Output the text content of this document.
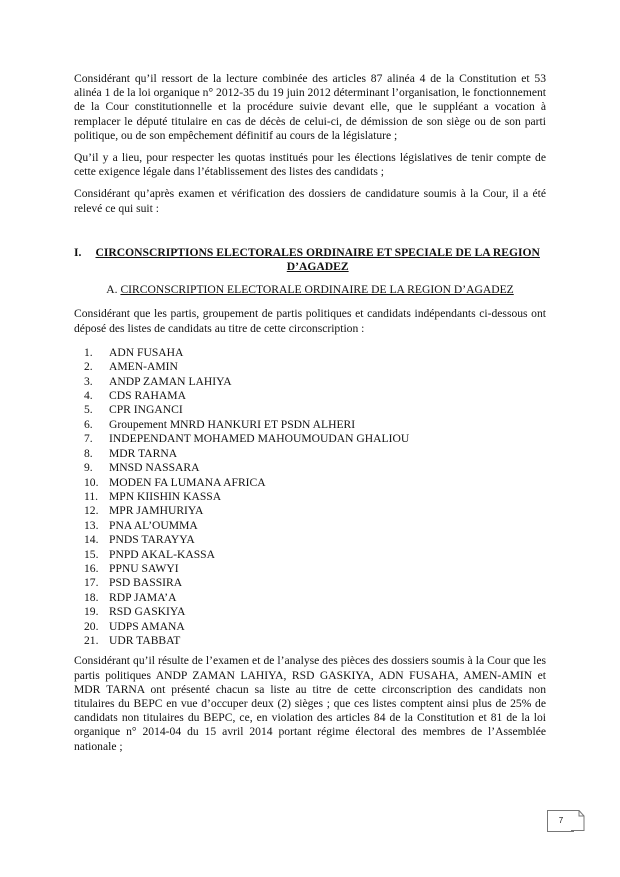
Considérant qu’il ressort de la lecture combinée des articles 87 alinéa 4 de la Constitution et 53 alinéa 1 de la loi organique n° 2012-35 du 19 juin 2012 déterminant l’organisation, le fonctionnement de la Cour constitutionnelle et la procédure suivie devant elle, que le suppléant a vocation à remplacer le député titulaire en cas de décès de celui-ci, de démission de son siège ou de son parti politique, ou de son empêchement définitif au cours de la législature ;

Qu’il y a lieu, pour respecter les quotas institués pour les élections législatives de tenir compte de cette exigence légale dans l’établissement des listes des candidats ;

Considérant qu’après examen et vérification des dossiers de candidature soumis à la Cour, il a été relevé ce qui suit :

I.	CIRCONSCRIPTIONS ELECTORALES ORDINAIRE ET SPECIALE DE LA REGION D’AGADEZ
A. CIRCONSCRIPTION ELECTORALE ORDINAIRE DE LA REGION D’AGADEZ

Considérant que les partis, groupement de partis politiques et candidats indépendants ci-dessous ont déposé des listes de candidats au titre de cette circonscription :

1.	ADN FUSAHA
2.	AMEN-AMIN
3.	ANDP ZAMAN LAHIYA
4.	CDS RAHAMA
5.	CPR INGANCI
6.	Groupement MNRD HANKURI ET PSDN ALHERI
7.	INDEPENDANT MOHAMED MAHOUMOUDAN GHALIOU
8.	MDR TARNA
9.	MNSD NASSARA
10. MODEN FA LUMANA AFRICA
11. MPN KIISHIN KASSA
12. MPR JAMHURIYA
13. PNA AL’OUMMA
14. PNDS TARAYYA
15. PNPD AKAL-KASSA
16. PPNU SAWYI
17. PSD BASSIRA
18. RDP JAMA’A
19. RSD GASKIYA
20. UDPS AMANA
21. UDR TABBAT

Considérant qu’il résulte de l’examen et de l’analyse des pièces des dossiers soumis à la Cour que les partis politiques ANDP ZAMAN LAHIYA, RSD GASKIYA, ADN FUSAHA, AMEN-AMIN et MDR TARNA ont présenté chacun sa liste au titre de cette circonscription des candidats non titulaires du BEPC en vue d’occuper deux (2) sièges ; que ces listes comptent ainsi plus de 25% de candidats non titulaires du BEPC, ce, en violation des articles 84 de la Constitution et 81 de la loi organique n° 2014-04 du 15 avril 2014 portant régime électoral des membres de l’Assemblée nationale ;

7
